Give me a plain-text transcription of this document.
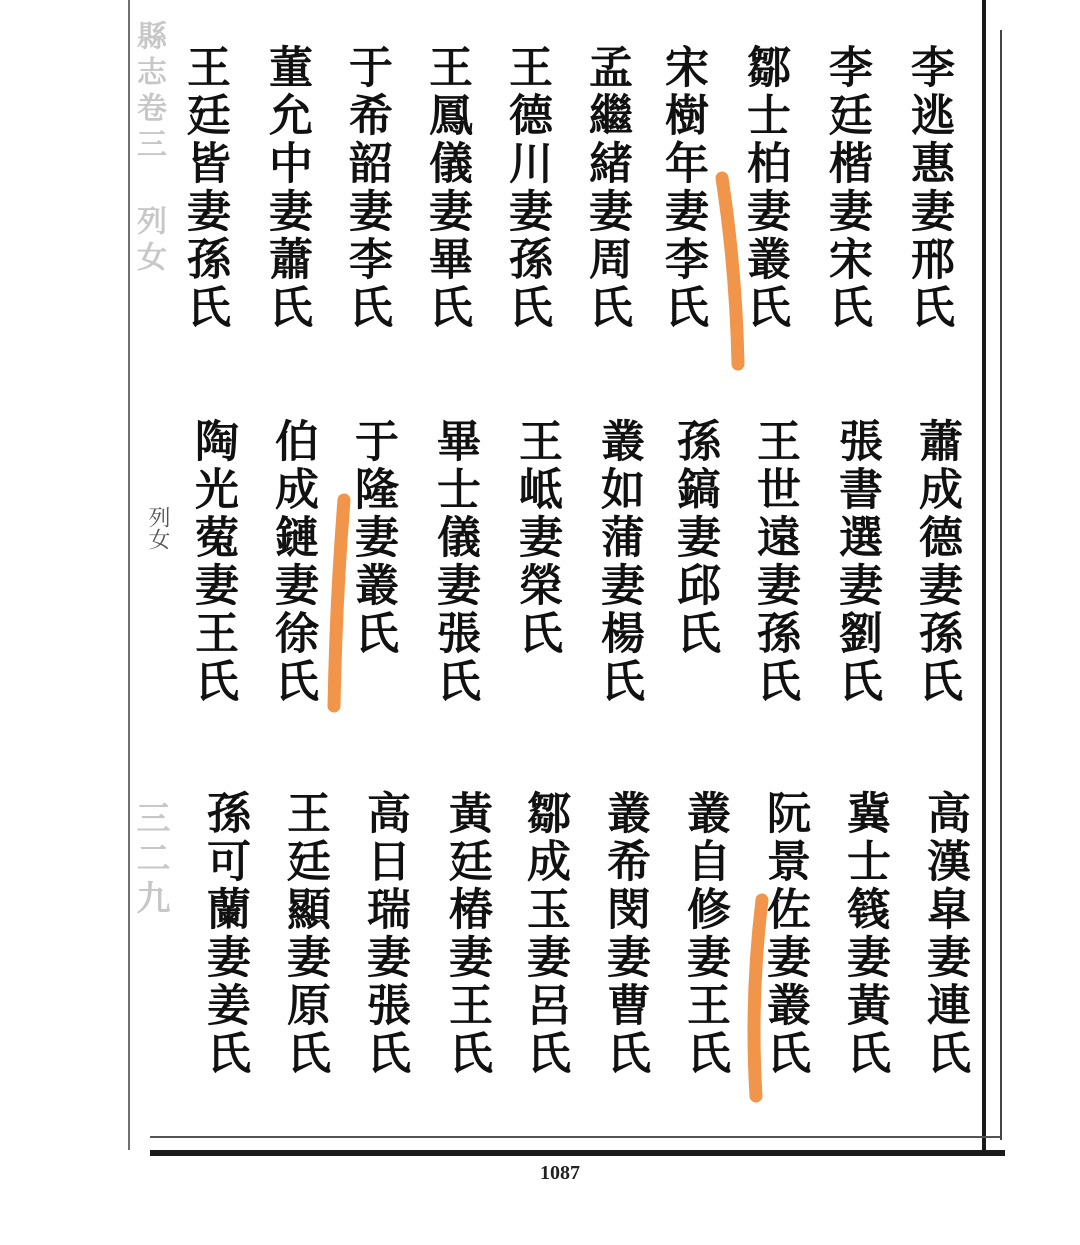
縣志卷三 列女
列女
三二九
李逃惠妻邢氏
李廷楷妻宋氏
鄒士柏妻叢氏
宋樹年妻李氏
孟繼緒妻周氏
王德川妻孫氏
王鳳儀妻畢氏
于希韶妻李氏
董允中妻蕭氏
王廷皆妻孫氏
蕭成德妻孫氏
張書選妻劉氏
王世遠妻孫氏
孫鎬妻邱氏
叢如蒲妻楊氏
王岻妻榮氏
畢士儀妻張氏
于隆妻叢氏
伯成鏈妻徐氏
陶光蒬妻王氏
高漢皐妻連氏
冀士篯妻黃氏
阮景佐妻叢氏
叢自修妻王氏
叢希閔妻曹氏
鄒成玉妻呂氏
黃廷椿妻王氏
高日瑞妻張氏
王廷顯妻原氏
孫可蘭妻姜氏
1087
